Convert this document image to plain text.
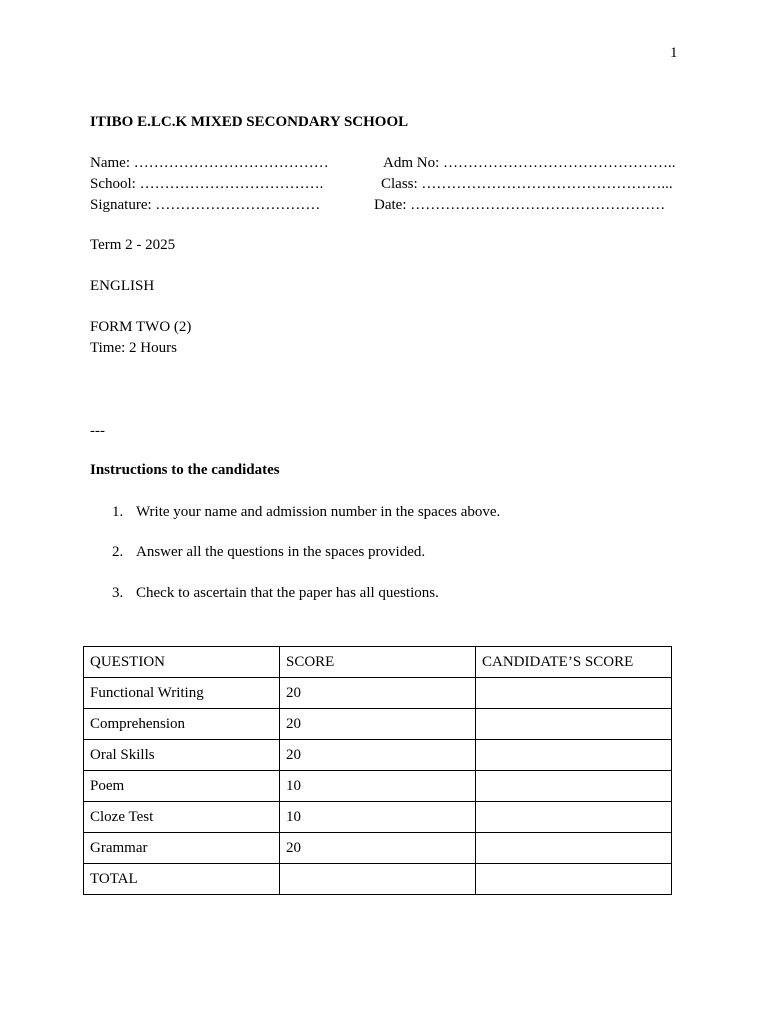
1
ITIBO E.LC.K MIXED SECONDARY SCHOOL
Name: …………………………………	Adm No: ………………………………………..
School: ……………………………….	Class: …………………………………………...
Signature: ……………………………	Date: ……………………………………………
Term 2 - 2025
ENGLISH
FORM TWO (2)
Time: 2 Hours
---
Instructions to the candidates
1. Write your name and admission number in the spaces above.
2. Answer all the questions in the spaces provided.
3. Check to ascertain that the paper has all questions.
QUESTION	SCORE	CANDIDATE’S SCORE
Functional Writing	20	
Comprehension	20	
Oral Skills	20	
Poem	10	
Cloze Test	10	
Grammar	20	
TOTAL		
